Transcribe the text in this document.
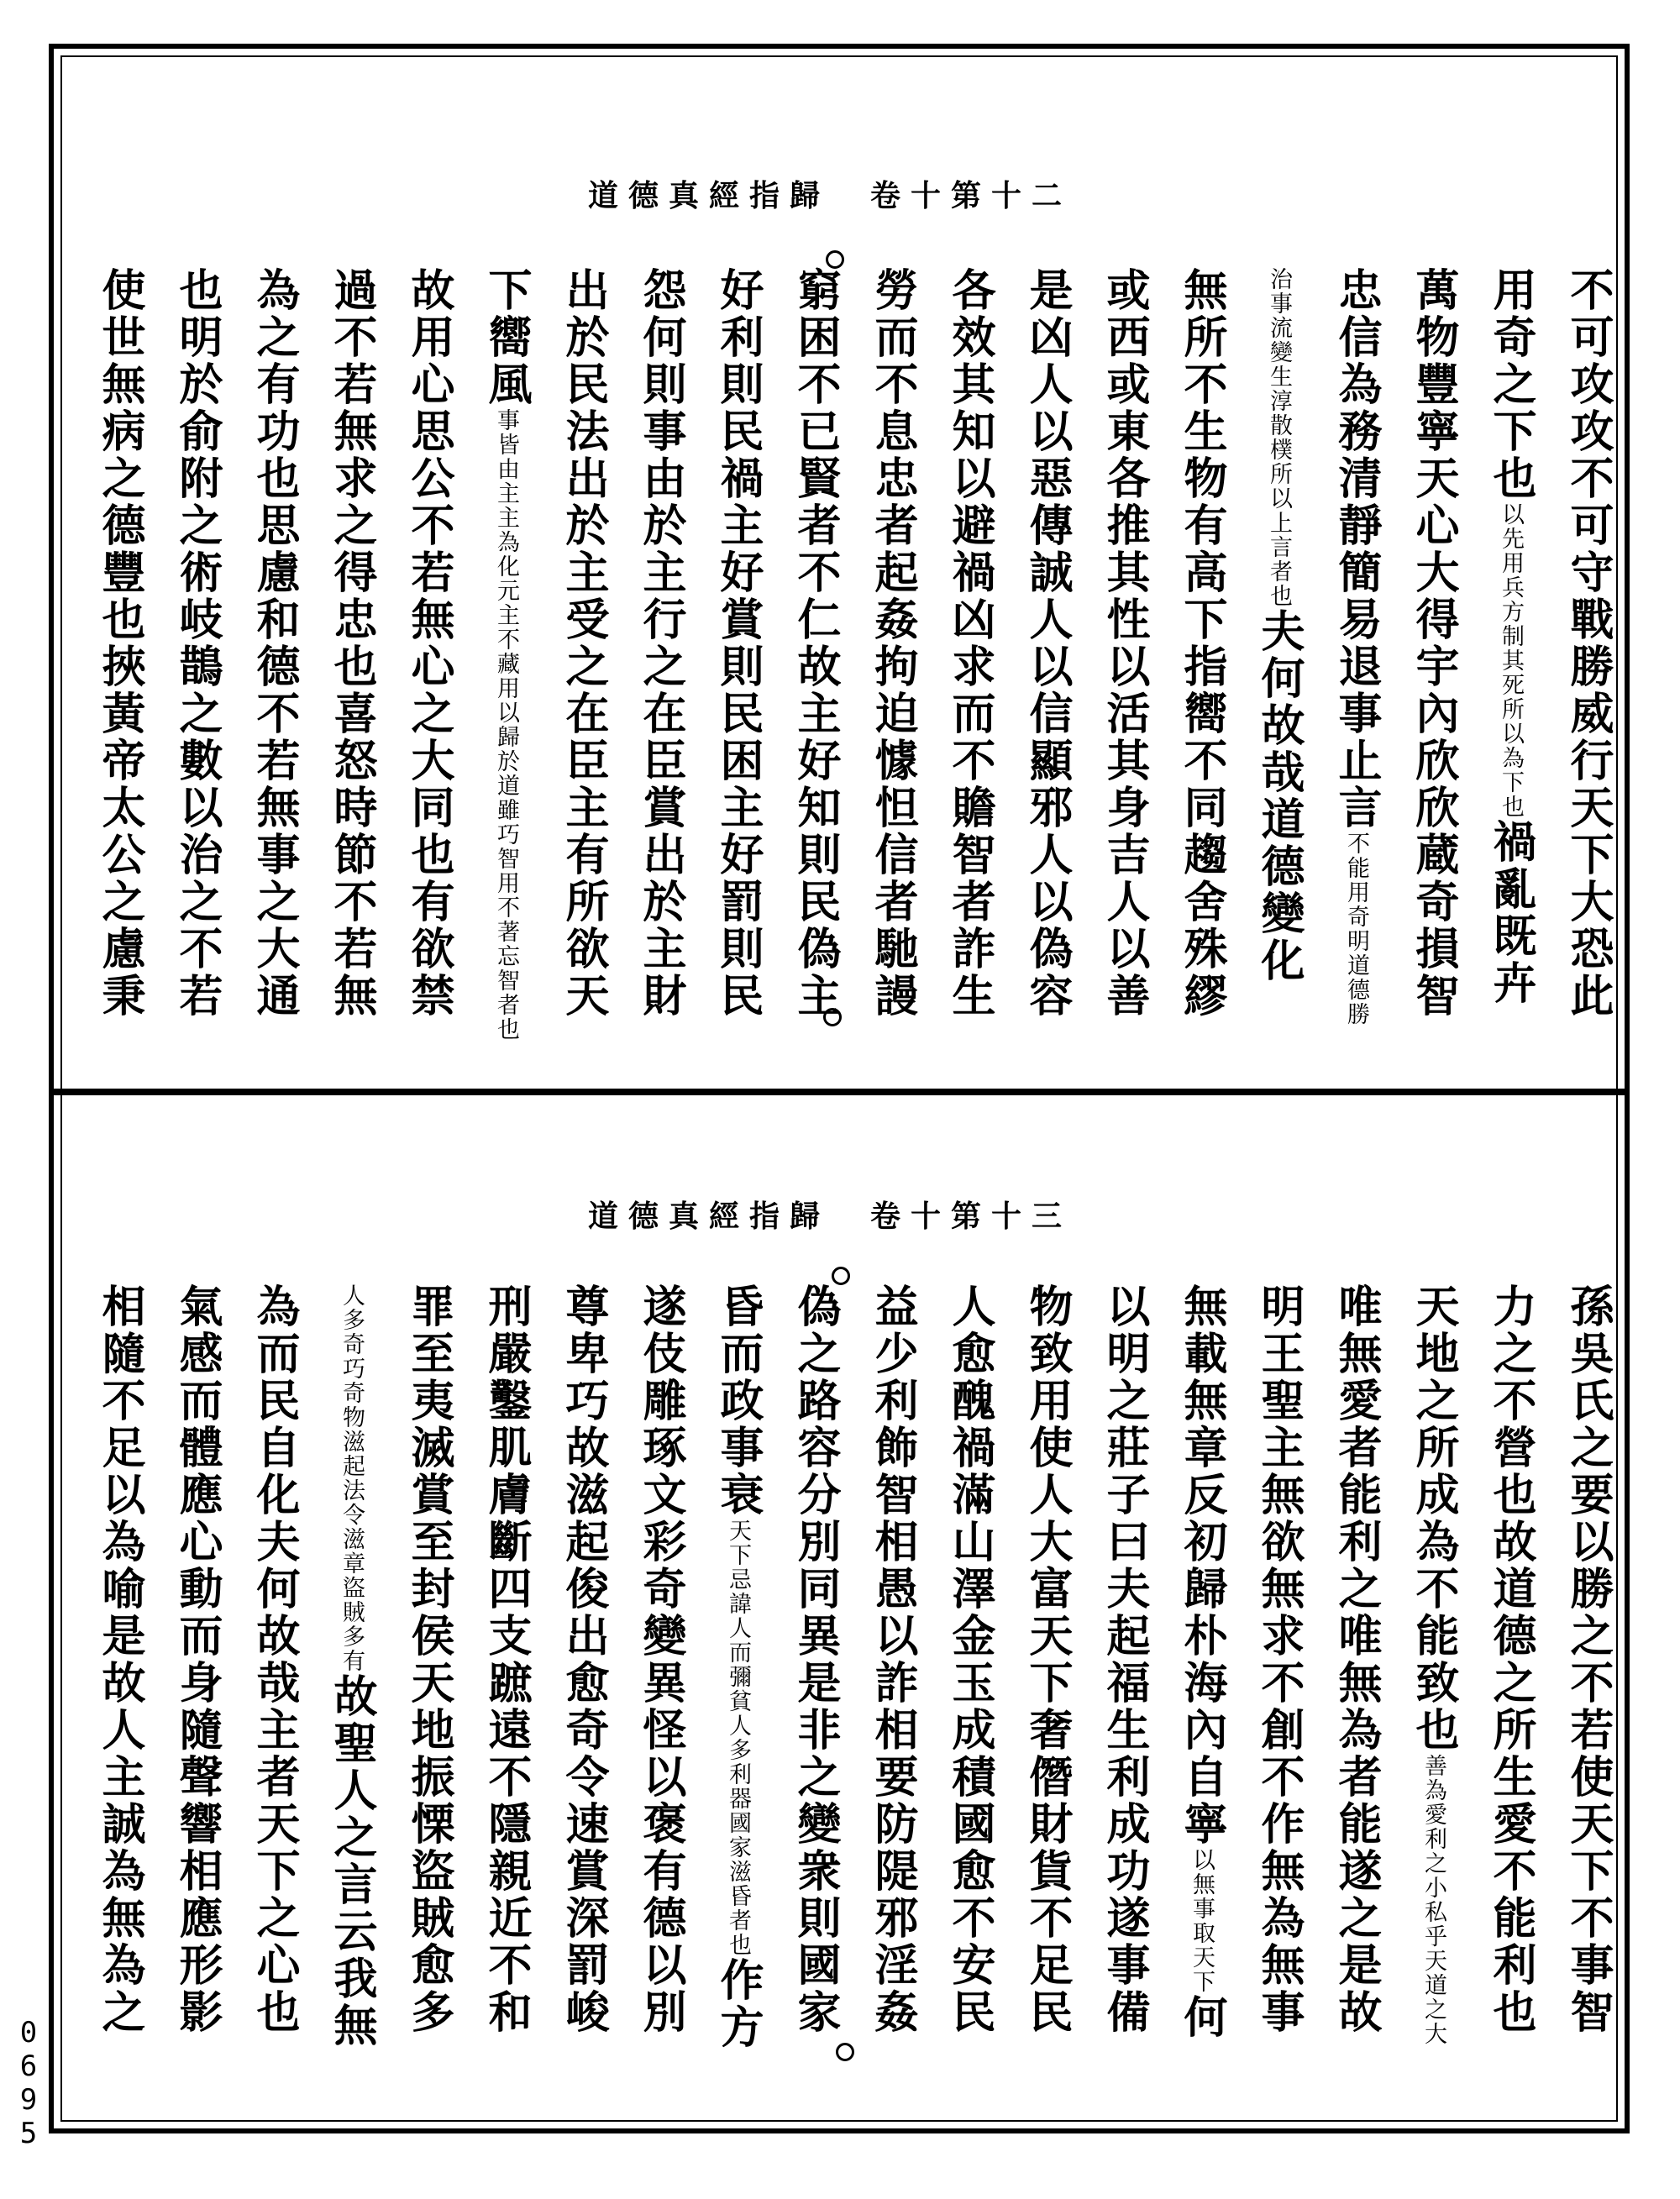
0695
道德真經指歸　卷十第十二
道德真經指歸　卷十第十三
不可攻攻不可守戰勝威行天下大恐此
用奇之下也以先用兵方制其死所以為下也禍亂既𠦄
萬物豐寧天心大得宇內欣欣蔵奇損智
忠信為務清靜簡易退事止言不能用奇明道德勝
治事流變生淳散樸所以上言者也夫何故哉道德變化
無所不生物有高下指嚮不同趨舍殊繆
或西或東各推其性以活其身吉人以善
是凶人以惡傳誠人以信顯邪人以偽容
各效其知以避禍凶求而不贍智者詐生
勞而不息忠者起姦拘迫懅怛信者馳謾
窮困不已賢者不仁故主好知則民偽主
好利則民禍主好賞則民困主好罰則民
怨何則事由於主行之在臣賞出於主財
出於民法出於主受之在臣主有所欲天
下嚮風事皆由主主為化元主不藏用以歸於道雖巧智用不著忘智者也
故用心思公不若無心之大同也有欲禁
過不若無求之得忠也喜怒時節不若無
為之有功也思慮和德不若無事之大通
也明於俞附之術岐鵲之數以治之不若
使世無病之德豐也挾黃帝太公之慮秉
孫吳氏之要以勝之不若使天下不事智
力之不營也故道德之所生愛不能利也
天地之所成為不能致也善為愛利之小私乎天道之大
唯無愛者能利之唯無為者能遂之是故
明王聖主無欲無求不創不作無為無事
無載無章反初歸朴海內自寧以無事取天下何
以明之莊子曰夫起福生利成功遂事備
物致用使人大富天下奢僭財貨不足民
人愈醜禍滿山澤金玉成積國愈不安民
益少利飾智相愚以詐相要防隄邪淫姦
偽之路容分別同異是非之變衆則國家
昏而政事衰天下忌諱人而彌貧人多利器國家滋昏者也作方
遂伎雕琢文彩奇變異怪以褒有德以別
尊卑巧故滋起俊出愈奇令速賞深罰峻
刑嚴鑿肌膚斷四支蹠遠不隱親近不和
罪至夷滅賞至封侯天地振慄盜賊愈多
人多奇巧奇物滋起法令滋章盜賊多有故聖人之言云我無
為而民自化夫何故哉主者天下之心也
氣感而體應心動而身隨聲響相應形影
相隨不足以為喻是故人主誠為無為之
